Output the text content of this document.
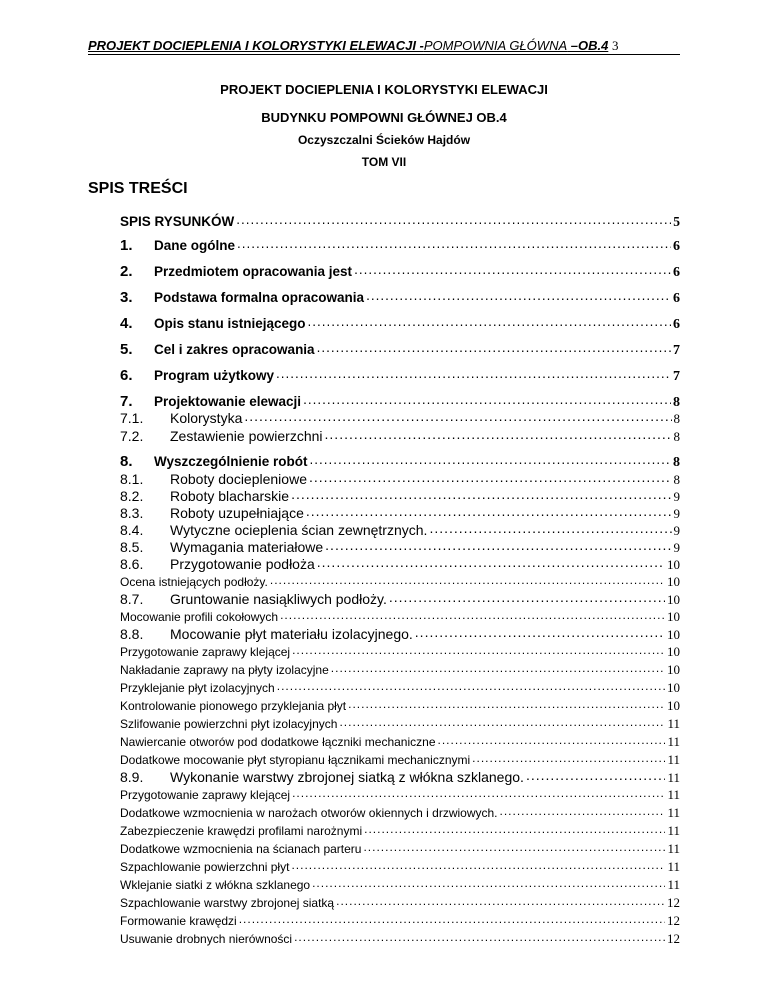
PROJEKT DOCIEPLENIA I KOLORYSTYKI ELEWACJI -POMPOWNIA GŁÓWNA –OB.4 3
PROJEKT DOCIEPLENIA I KOLORYSTYKI ELEWACJI
BUDYNKU POMPOWNI GŁÓWNEJ OB.4
Oczyszczalni Ścieków Hajdów
TOM VII
SPIS TREŚCI
SPIS RYSUNKÓW .....	5
1.	Dane ogólne .....	6
2.	Przedmiotem opracowania jest .....	6
3.	Podstawa formalna opracowania .....	6
4.	Opis stanu istniejącego .....	6
5.	Cel i zakres opracowania .....	7
6.	Program użytkowy .....	7
7.	Projektowanie elewacji .....	8
7.1.	Kolorystyka .....	8
7.2.	Zestawienie powierzchni .....	8
8.	Wyszczególnienie robót .....	8
8.1.	Roboty dociepleniowe .....	8
8.2.	Roboty blacharskie .....	9
8.3.	Roboty uzupełniające .....	9
8.4.	Wytyczne ocieplenia ścian zewnętrznych. .....	9
8.5.	Wymagania materiałowe .....	9
8.6.	Przygotowanie podłoża .....	10
Ocena istniejących podłoży. .....	10
8.7.	Gruntowanie nasiąkliwych podłoży. .....	10
Mocowanie profili cokołowych .....	10
8.8.	Mocowanie płyt materiału izolacyjnego. .....	10
Przygotowanie zaprawy klejącej .....	10
Nakładanie zaprawy na płyty izolacyjne .....	10
Przyklejanie płyt izolacyjnych .....	10
Kontrolowanie pionowego przyklejania płyt .....	10
Szlifowanie powierzchni płyt izolacyjnych .....	11
Nawiercanie otworów pod dodatkowe łączniki mechaniczne .....	11
Dodatkowe mocowanie płyt styropianu łącznikami mechanicznymi .....	11
8.9.	Wykonanie warstwy zbrojonej siatką z włókna szklanego. .....	11
Przygotowanie zaprawy klejącej .....	11
Dodatkowe wzmocnienia w narożach otworów okiennych i drzwiowych. .....	11
Zabezpieczenie krawędzi profilami narożnymi .....	11
Dodatkowe wzmocnienia na ścianach parteru .....	11
Szpachlowanie powierzchni płyt .....	11
Wklejanie siatki z włókna szklanego .....	11
Szpachlowanie warstwy zbrojonej siatką .....	12
Formowanie krawędzi .....	12
Usuwanie drobnych nierówności .....	12
